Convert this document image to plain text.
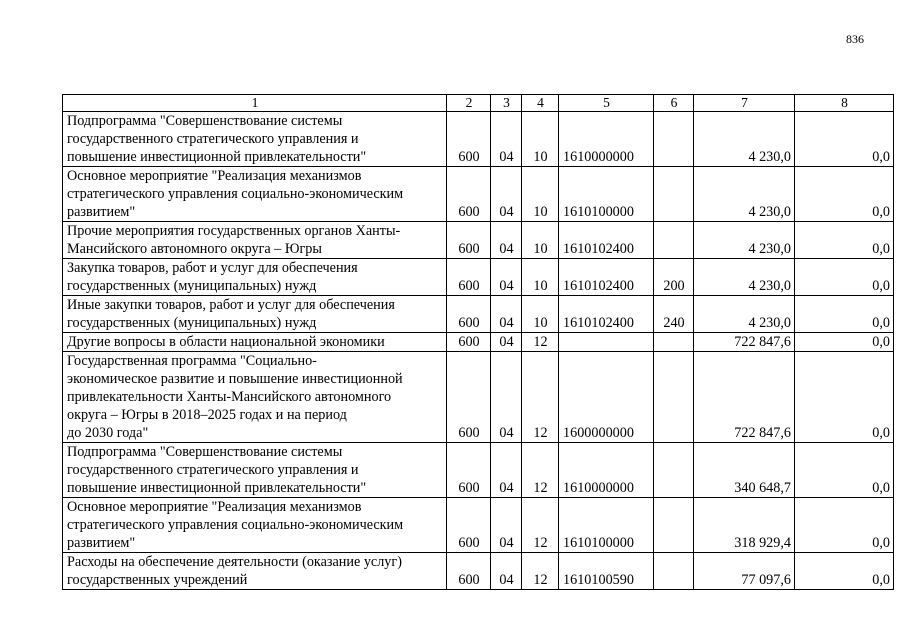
836
1	2	3	4	5	6	7	8

Подпрограмма "Совершенствование системы
государственного стратегического управления и
повышение инвестиционной привлекательности"	600	04	10	1610000000		4 230,0	0,0

Основное мероприятие "Реализация механизмов
стратегического управления социально-экономическим
развитием"	600	04	10	1610100000		4 230,0	0,0

Прочие мероприятия государственных органов Ханты-
Мансийского автономного округа – Югры	600	04	10	1610102400		4 230,0	0,0

Закупка товаров, работ и услуг для обеспечения
государственных (муниципальных) нужд	600	04	10	1610102400	200	4 230,0	0,0

Иные закупки товаров, работ и услуг для обеспечения
государственных (муниципальных) нужд	600	04	10	1610102400	240	4 230,0	0,0

Другие вопросы в области национальной экономики	600	04	12			722 847,6	0,0

Государственная программа "Социально-
экономическое развитие и повышение инвестиционной
привлекательности Ханты-Мансийского автономного
округа – Югры в 2018–2025 годах и на период
до 2030 года"	600	04	12	1600000000		722 847,6	0,0

Подпрограмма "Совершенствование системы
государственного стратегического управления и
повышение инвестиционной привлекательности"	600	04	12	1610000000		340 648,7	0,0

Основное мероприятие "Реализация механизмов
стратегического управления социально-экономическим
развитием"	600	04	12	1610100000		318 929,4	0,0

Расходы на обеспечение деятельности (оказание услуг)
государственных учреждений	600	04	12	1610100590		77 097,6	0,0
